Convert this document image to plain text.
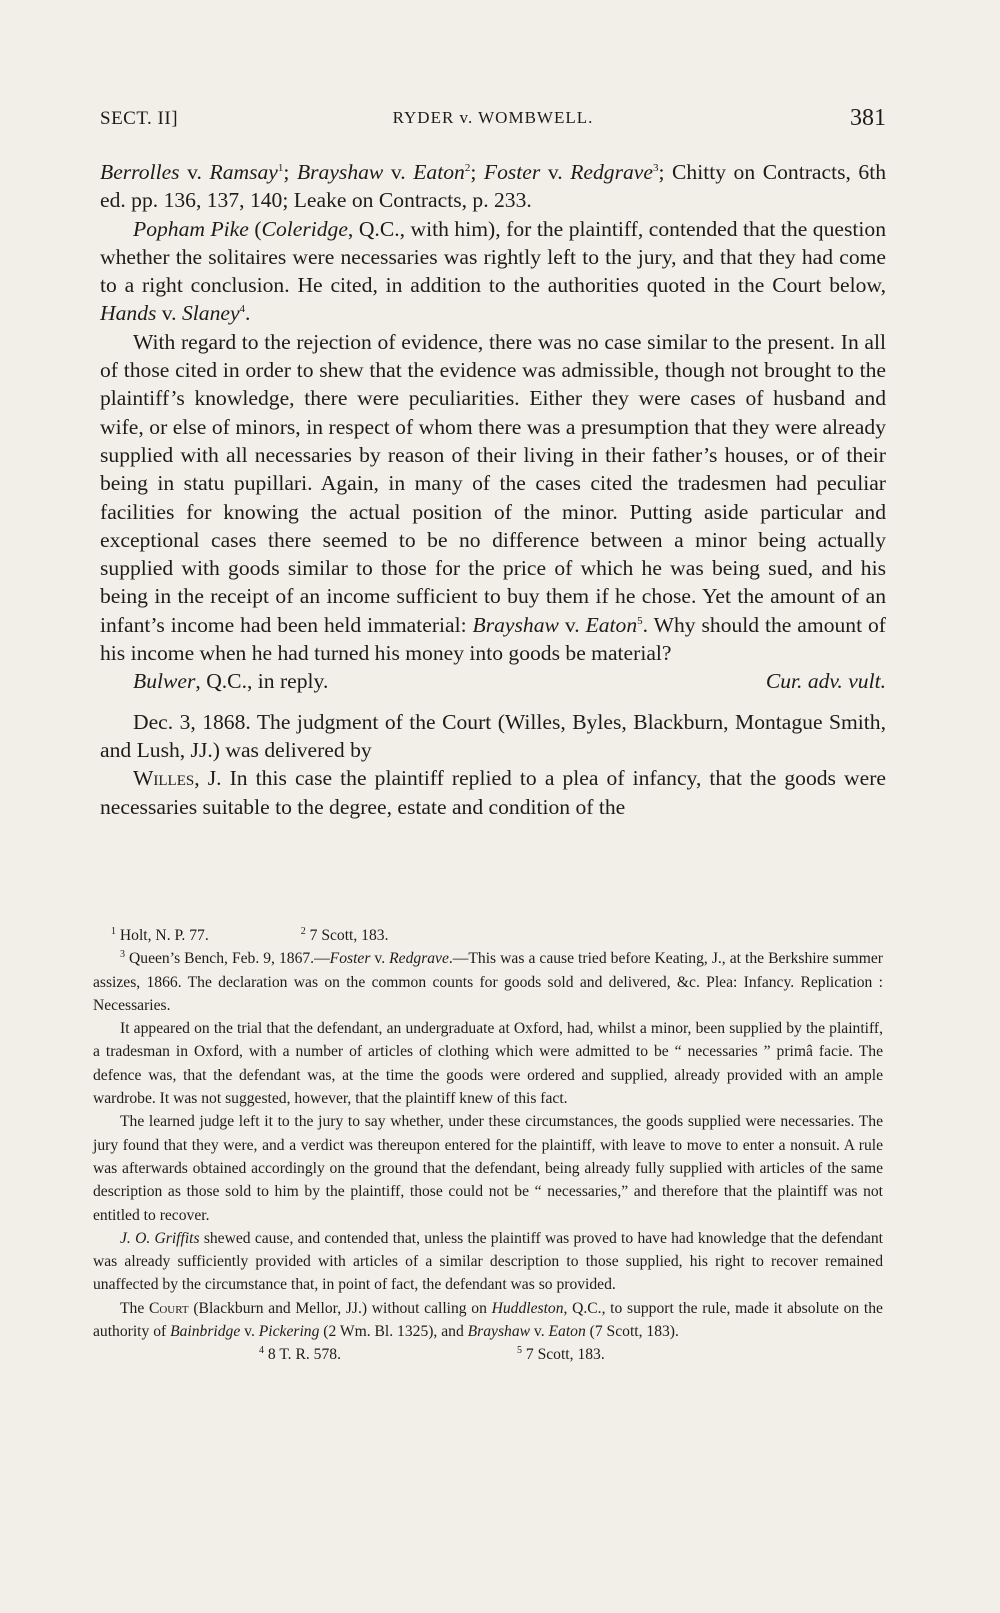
SECT. II]	RYDER v. WOMBWELL.	381

Berrolles v. Ramsay$^1$; Brayshaw v. Eaton$^2$; Foster v. Redgrave$^3$; Chitty on Contracts, 6th ed. pp. 136, 137, 140; Leake on Contracts, p. 233.

Popham Pike (Coleridge, Q.C., with him), for the plaintiff, contended that the question whether the solitaires were necessaries was rightly left to the jury, and that they had come to a right conclusion. He cited, in addition to the authorities quoted in the Court below, Hands v. Slaney$^4$.

With regard to the rejection of evidence, there was no case similar to the present. In all of those cited in order to shew that the evidence was admissible, though not brought to the plaintiff’s knowledge, there were peculiarities. Either they were cases of husband and wife, or else of minors, in respect of whom there was a presumption that they were already supplied with all necessaries by reason of their living in their father’s houses, or of their being in statu pupillari. Again, in many of the cases cited the tradesmen had peculiar facilities for knowing the actual position of the minor. Putting aside particular and exceptional cases there seemed to be no difference between a minor being actually supplied with goods similar to those for the price of which he was being sued, and his being in the receipt of an income sufficient to buy them if he chose. Yet the amount of an infant’s income had been held immaterial: Brayshaw v. Eaton$^5$. Why should the amount of his income when he had turned his money into goods be material?

Bulwer, Q.C., in reply.	Cur. adv. vult.

Dec. 3, 1868. The judgment of the Court (Willes, Byles, Blackburn, Montague Smith, and Lush, JJ.) was delivered by

Willes, J. In this case the plaintiff replied to a plea of infancy, that the goods were necessaries suitable to the degree, estate and condition of the

$^1$ Holt, N. P. 77.	$^2$ 7 Scott, 183.

$^3$ Queen’s Bench, Feb. 9, 1867.—Foster v. Redgrave.—This was a cause tried before Keating, J., at the Berkshire summer assizes, 1866. The declaration was on the common counts for goods sold and delivered, &c. Plea: Infancy. Replication : Necessaries.

It appeared on the trial that the defendant, an undergraduate at Oxford, had, whilst a minor, been supplied by the plaintiff, a tradesman in Oxford, with a number of articles of clothing which were admitted to be “ necessaries ” primâ facie. The defence was, that the defendant was, at the time the goods were ordered and supplied, already provided with an ample wardrobe. It was not suggested, however, that the plaintiff knew of this fact.

The learned judge left it to the jury to say whether, under these circumstances, the goods supplied were necessaries. The jury found that they were, and a verdict was thereupon entered for the plaintiff, with leave to move to enter a nonsuit. A rule was afterwards obtained accordingly on the ground that the defendant, being already fully supplied with articles of the same description as those sold to him by the plaintiff, those could not be “ necessaries,” and therefore that the plaintiff was not entitled to recover.

J. O. Griffits shewed cause, and contended that, unless the plaintiff was proved to have had knowledge that the defendant was already sufficiently provided with articles of a similar description to those supplied, his right to recover remained unaffected by the circumstance that, in point of fact, the defendant was so provided.

The Court (Blackburn and Mellor, JJ.) without calling on Huddleston, Q.C., to support the rule, made it absolute on the authority of Bainbridge v. Pickering (2 Wm. Bl. 1325), and Brayshaw v. Eaton (7 Scott, 183).

$^4$ 8 T. R. 578.	$^5$ 7 Scott, 183.
